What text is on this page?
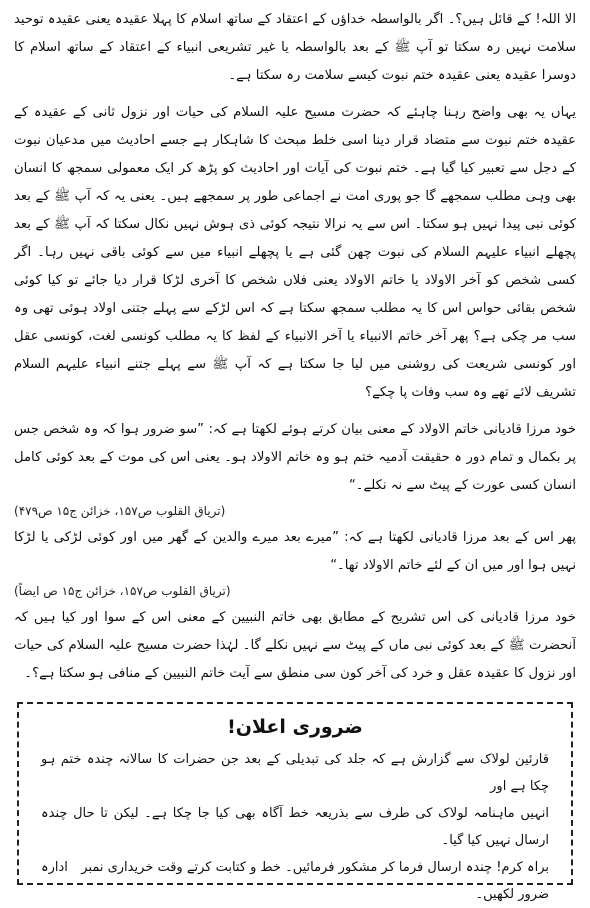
الا اللہ! کے قائل ہیں؟۔ اگر بالواسطہ خداؤں کے اعتقاد کے ساتھ اسلام کا پہلا عقیدہ یعنی عقیدہ توحید سلامت نہیں رہ سکتا تو آپ ﷺ کے بعد بالواسطہ یا غیر تشریعی انبیاء کے اعتقاد کے ساتھ اسلام کا دوسرا عقیدہ یعنی عقیدہ ختم نبوت کیسے سلامت رہ سکتا ہے۔

یہاں یہ بھی واضح رہنا چاہئے کہ حضرت مسیح علیہ السلام کی حیات اور نزول ثانی کے عقیدہ کے عقیدہ ختم نبوت سے متضاد قرار دینا اسی خلط مبحث کا شاہکار ہے جسے احادیث میں مدعیان نبوت کے دجل سے تعبیر کیا گیا ہے۔ ختم نبوت کی آیات اور احادیث کو پڑھ کر ایک معمولی سمجھ کا انسان بھی وہی مطلب سمجھے گا جو پوری امت نے اجماعی طور پر سمجھے ہیں۔ یعنی یہ کہ آپ ﷺ کے بعد کوئی نبی پیدا نہیں ہو سکتا۔ اس سے یہ نرالا نتیجہ کوئی ذی ہوش نہیں نکال سکتا کہ آپ ﷺ کے بعد پچھلے انبیاء علیہم السلام کی نبوت چھن گئی ہے یا پچھلے انبیاء میں سے کوئی باقی نہیں رہا۔ اگر کسی شخص کو آخر الاولاد یا خاتم الاولاد یعنی فلاں شخص کا آخری لڑکا قرار دیا جائے تو کیا کوئی شخص بقائی حواس اس کا یہ مطلب سمجھ سکتا ہے کہ اس لڑکے سے پہلے جتنی اولاد ہوئی تھی وہ سب مر چکی ہے؟ پھر آخر خاتم الانبیاء یا آخر الانبیاء کے لفظ کا یہ مطلب کونسی لغت، کونسی عقل اور کونسی شریعت کی روشنی میں لیا جا سکتا ہے کہ آپ ﷺ سے پہلے جتنے انبیاء علیہم السلام تشریف لائے تھے وہ سب وفات پا چکے؟

خود مرزا قادیانی خاتم الاولاد کے معنی بیان کرتے ہوئے لکھتا ہے کہ: ”سو ضرور ہوا کہ وہ شخص جس پر بکمال و تمام دور ہ حقیقت آدمیہ ختم ہو وہ خاتم الاولاد ہو۔ یعنی اس کی موت کے بعد کوئی کامل انسان کسی عورت کے پیٹ سے نہ نکلے۔“

(تریاق القلوب ص۱۵۷، خزائن ج۱۵ ص۴۷۹)

پھر اس کے بعد مرزا قادیانی لکھتا ہے کہ: ”میرے بعد میرے والدین کے گھر میں اور کوئی لڑکی یا لڑکا نہیں ہوا اور میں ان کے لئے خاتم الاولاد تھا۔“

(تریاق القلوب ص۱۵۷، خزائن ج۱۵ ص ایضاً)

خود مرزا قادیانی کی اس تشریح کے مطابق بھی خاتم النبیین کے معنی اس کے سوا اور کیا ہیں کہ آنحضرت ﷺ کے بعد کوئی نبی ماں کے پیٹ سے نہیں نکلے گا۔ لہٰذا حضرت مسیح علیہ السلام کی حیات اور نزول کا عقیدہ عقل و خرد کی آخر کون سی منطق سے آیت خاتم النبیین کے منافی ہو سکتا ہے؟۔

ضروری اعلان!

قارئین لولاک سے گزارش ہے کہ جلد کی تبدیلی کے بعد جن حضرات کا سالانہ چندہ ختم ہو چکا ہے اور

انہیں ماہنامہ لولاک کی طرف سے بذریعہ خط آگاہ بھی کیا جا چکا ہے۔ لیکن تا حال چندہ ارسال نہیں کیا گیا۔

براہ کرم! چندہ ارسال فرما کر مشکور فرمائیں۔ خط و کتابت کرتے وقت خریداری نمبر ضرور لکھیں۔
ادارہ
